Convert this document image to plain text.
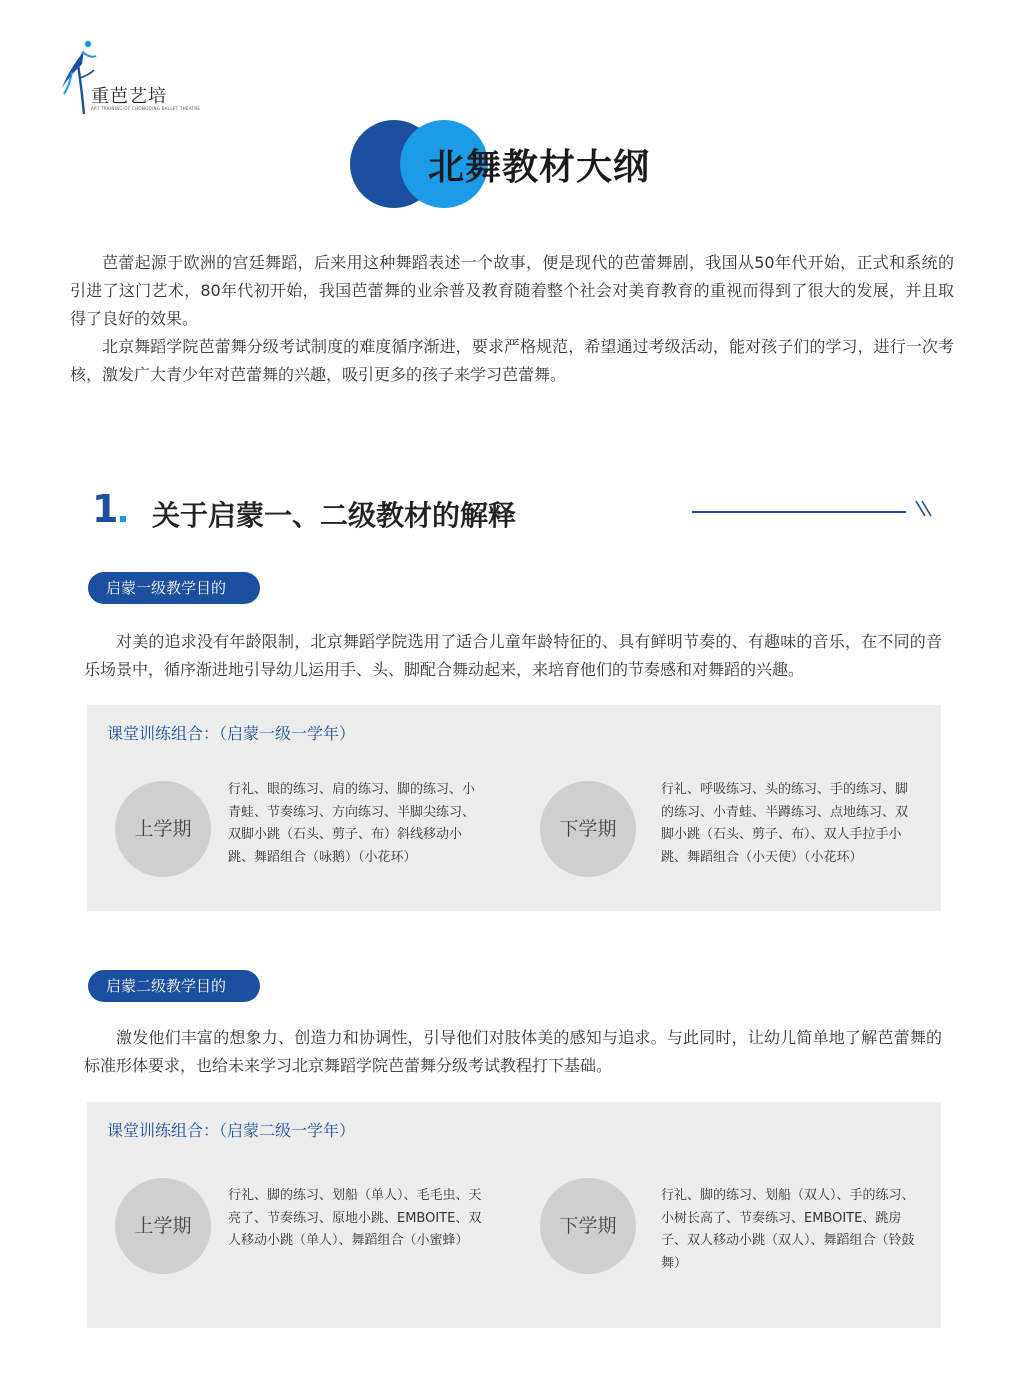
重芭艺培
ART TRAINING OF CHONGQING BALLET THEATRE
北舞教材大纲

芭蕾起源于欧洲的宫廷舞蹈，后来用这种舞蹈表述一个故事，便是现代的芭蕾舞剧，我国从50年代开始，正式和系统的引进了这门艺术，80年代初开始，我国芭蕾舞的业余普及教育随着整个社会对美育教育的重视而得到了很大的发展，并且取得了良好的效果。

北京舞蹈学院芭蕾舞分级考试制度的难度循序渐进，要求严格规范，希望通过考级活动，能对孩子们的学习，进行一次考核，激发广大青少年对芭蕾舞的兴趣，吸引更多的孩子来学习芭蕾舞。

1 关于启蒙一、二级教材的解释
启蒙一级教学目的

对美的追求没有年龄限制，北京舞蹈学院选用了适合儿童年龄特征的、具有鲜明节奏的、有趣味的音乐，在不同的音乐场景中，循序渐进地引导幼儿运用手、头、脚配合舞动起来，来培育他们的节奏感和对舞蹈的兴趣。

课堂训练组合：（启蒙一级一学年）
上学期
行礼、眼的练习、肩的练习、脚的练习、小青蛙、节奏练习、方向练习、半脚尖练习、双脚小跳（石头、剪子、布）斜线移动小跳、舞蹈组合（咏鹅）（小花环）
下学期
行礼、呼吸练习、头的练习、手的练习、脚的练习、小青蛙、半蹲练习、点地练习、双脚小跳（石头、剪子、布）、双人手拉手小跳、舞蹈组合（小天使）（小花环）
启蒙二级教学目的

激发他们丰富的想象力、创造力和协调性，引导他们对肢体美的感知与追求。与此同时，让幼儿简单地了解芭蕾舞的标准形体要求，也给未来学习北京舞蹈学院芭蕾舞分级考试教程打下基础。

课堂训练组合：（启蒙二级一学年）
上学期
行礼、脚的练习、划船（单人）、毛毛虫、天亮了、节奏练习、原地小跳、EMBOITE、双人移动小跳（单人）、舞蹈组合（小蜜蜂）
下学期
行礼、脚的练习、划船（双人）、手的练习、小树长高了、节奏练习、EMBOITE、跳房子、双人移动小跳（双人）、舞蹈组合（铃鼓舞）
